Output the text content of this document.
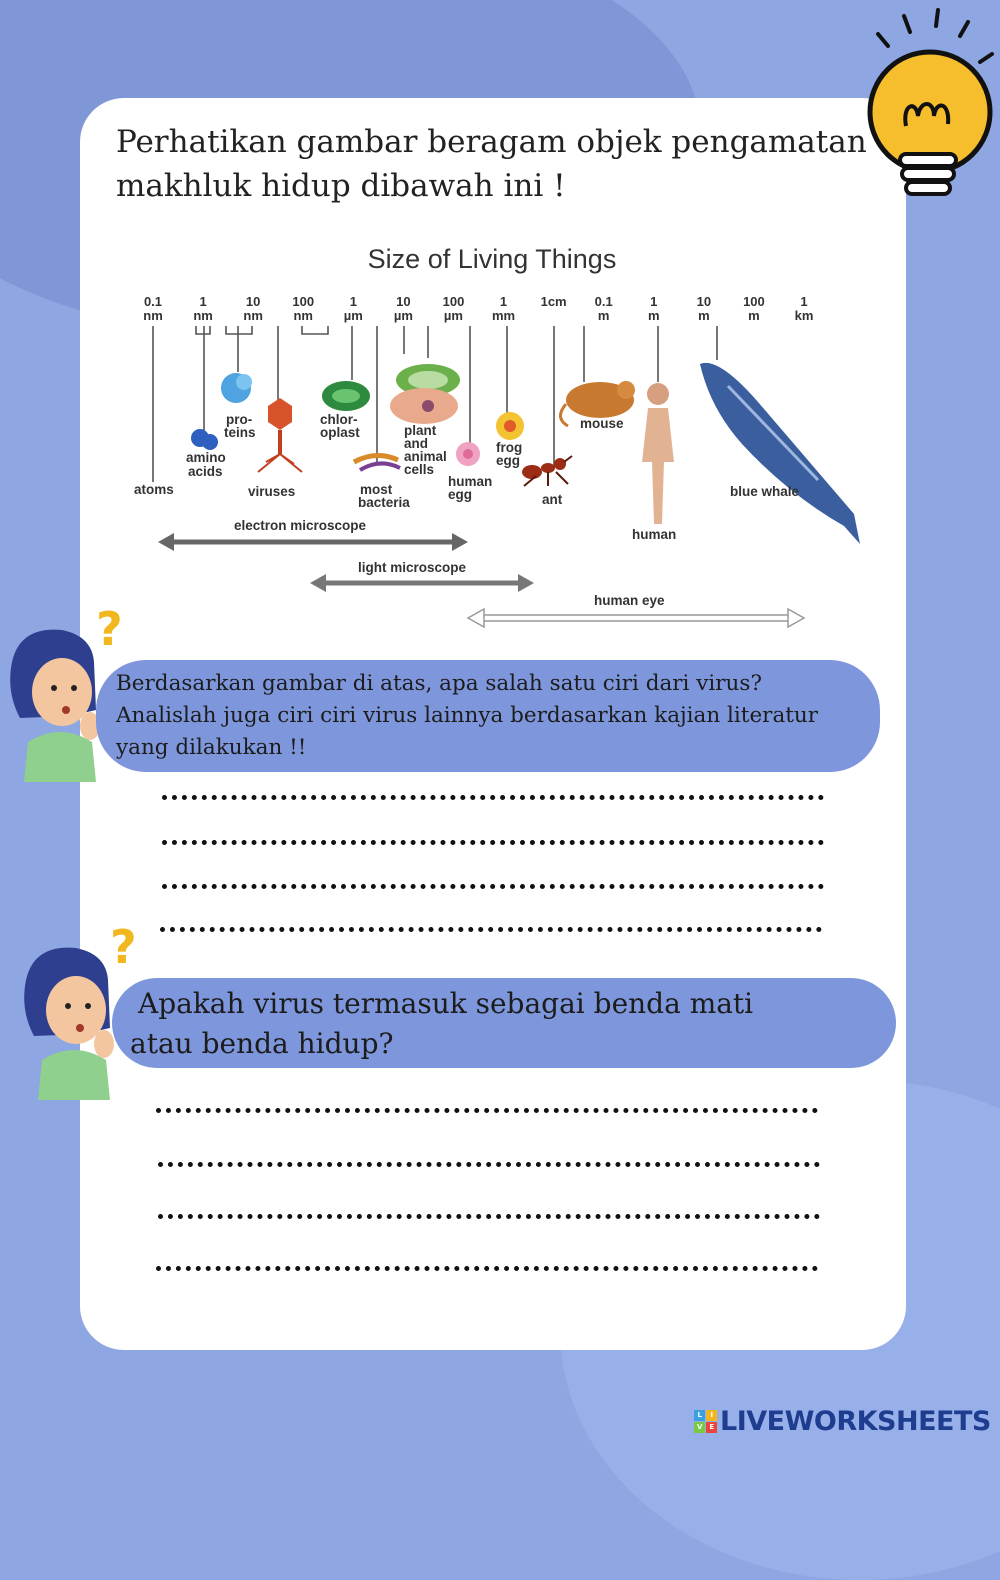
Perhatikan gambar beragam objek pengamatan
makhluk hidup dibawah ini !
Size of Living Things
0.1
nm
1
nm
10
nm
100
nm
1
µm
10
µm
100
µm
1
mm
1cm 0.1
m
1
m
10
m
100
m
1
km
atoms
amino
acids
pro-
teins
viruses
chlor-
oplast
most
bacteria
plant
and
animal
cells
human
egg
frog
egg
ant
mouse
human
blue whale
electron microscope
light microscope
human eye
?
Berdasarkan gambar di atas, apa salah satu ciri dari virus?
Analislah juga ciri ciri virus lainnya berdasarkan kajian literatur
yang dilakukan !!
?
Apakah virus termasuk sebagai benda mati
atau benda hidup?
L	I
V	E LIVEWORKSHEETS
